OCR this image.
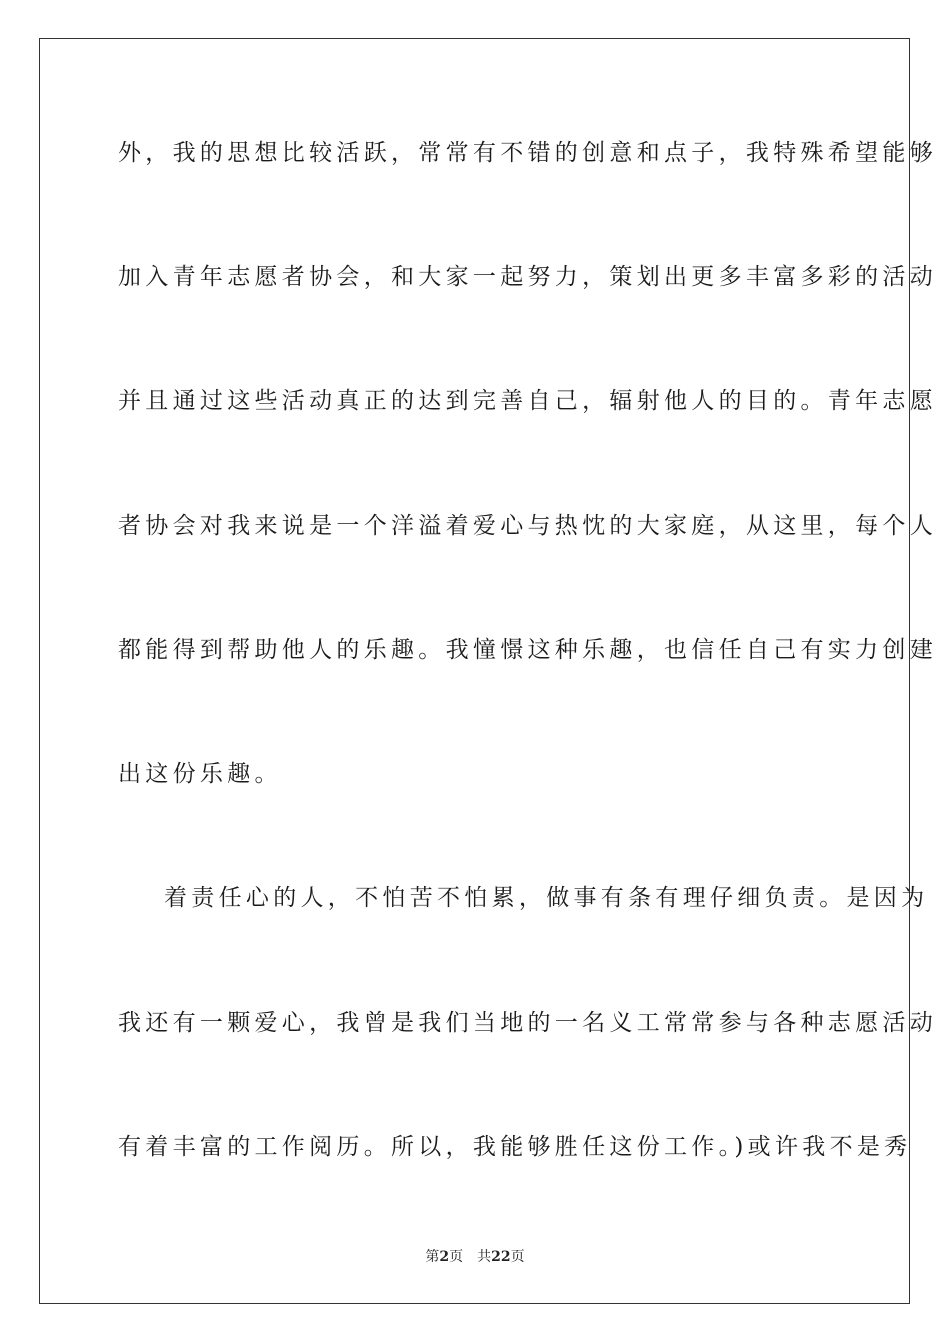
外，我的思想比较活跃，常常有不错的创意和点子，我特殊希望能够
加入青年志愿者协会，和大家一起努力，策划出更多丰富多彩的活动
并且通过这些活动真正的达到完善自己，辐射他人的目的。青年志愿
者协会对我来说是一个洋溢着爱心与热忱的大家庭，从这里，每个人
都能得到帮助他人的乐趣。我憧憬这种乐趣，也信任自己有实力创建
出这份乐趣。
着责任心的人，不怕苦不怕累，做事有条有理仔细负责。是因为
我还有一颗爱心，我曾是我们当地的一名义工常常参与各种志愿活动
有着丰富的工作阅历。所以，我能够胜任这份工作。)或许我不是秀
第2页 共22页
